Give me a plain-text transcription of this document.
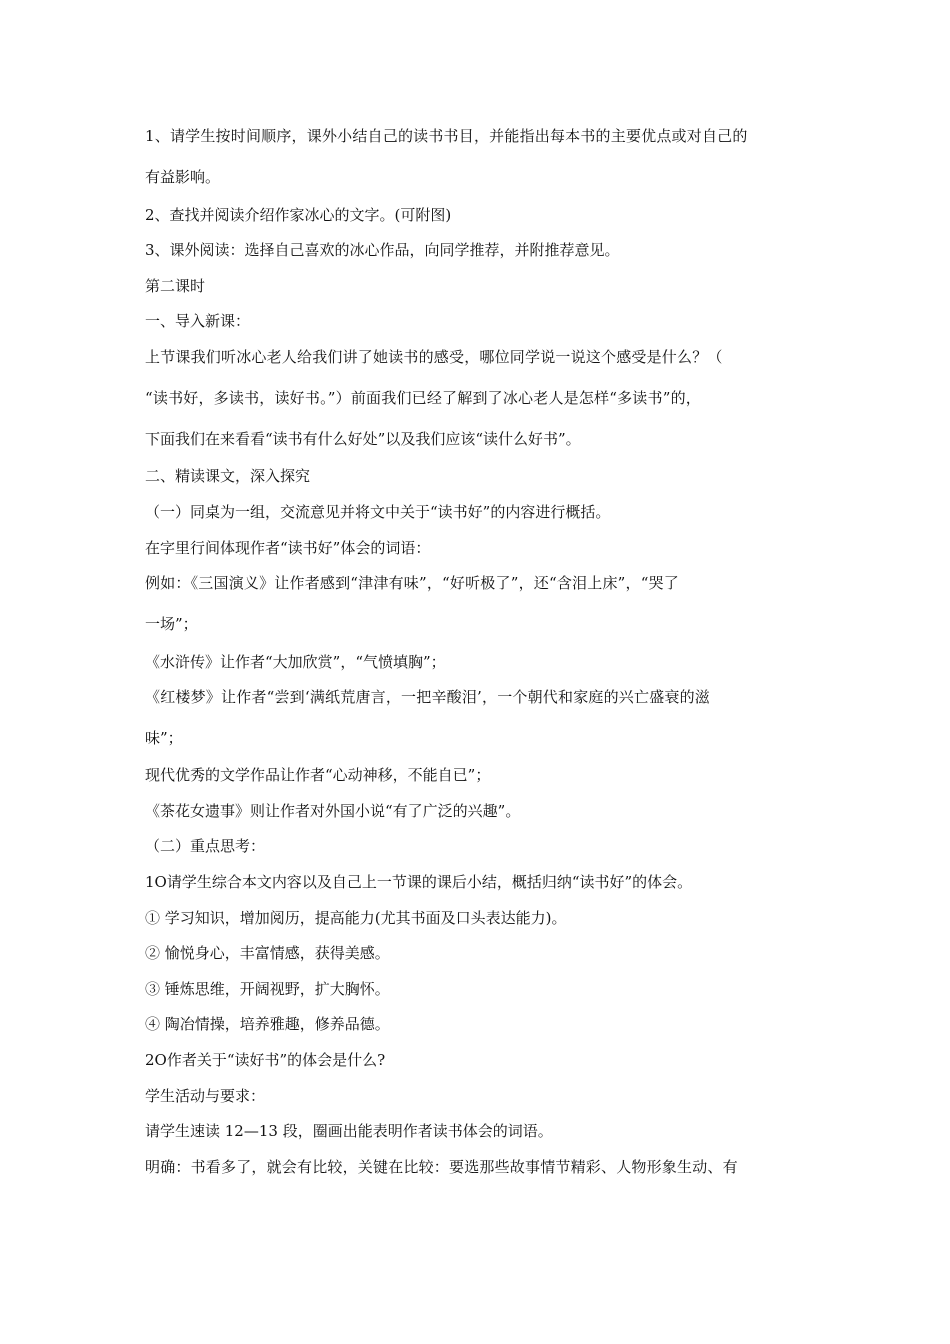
1、请学生按时间顺序，课外小结自己的读书书目，并能指出每本书的主要优点或对自己的
有益影响。
2、查找并阅读介绍作家冰心的文字。(可附图)
3、课外阅读：选择自己喜欢的冰心作品，向同学推荐，并附推荐意见。
第二课时
一、导入新课：
上节课我们听冰心老人给我们讲了她读书的感受，哪位同学说一说这个感受是什么？（
“读书好，多读书，读好书。”）前面我们已经了解到了冰心老人是怎样“多读书”的，
下面我们在来看看“读书有什么好处”以及我们应该“读什么好书”。
二、精读课文，深入探究
（一）同桌为一组，交流意见并将文中关于“读书好”的内容进行概括。
在字里行间体现作者“读书好”体会的词语：
例如：《三国演义》让作者感到“津津有味”，“好听极了”，还“含泪上床”，“哭了
一场”；
《水浒传》让作者“大加欣赏”，“气愤填胸”；
《红楼梦》让作者“尝到‘满纸荒唐言，一把辛酸泪’，一个朝代和家庭的兴亡盛衰的滋
味”；
现代优秀的文学作品让作者“心动神移，不能自已”；
《茶花女遗事》则让作者对外国小说“有了广泛的兴趣”。
（二）重点思考：
1O请学生综合本文内容以及自己上一节课的课后小结，概括归纳“读书好”的体会。
① 学习知识，增加阅历，提高能力(尤其书面及口头表达能力)。
② 愉悦身心，丰富情感，获得美感。
③ 锤炼思维，开阔视野，扩大胸怀。
④ 陶冶情操，培养雅趣，修养品德。
2O作者关于“读好书”的体会是什么?
学生活动与要求：
请学生速读 12—13 段，圈画出能表明作者读书体会的词语。
明确：书看多了，就会有比较，关键在比较：要选那些故事情节精彩、人物形象生动、有
